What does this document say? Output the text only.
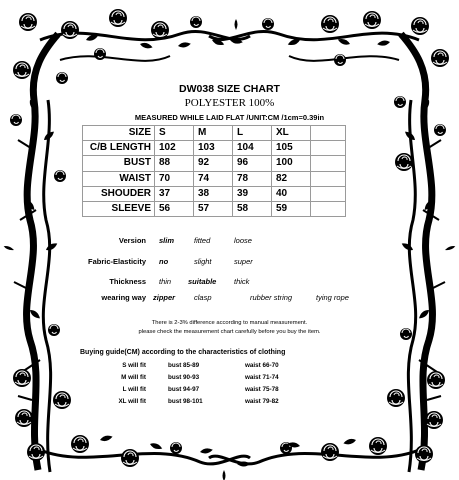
DW038 SIZE CHART
POLYESTER 100%
MEASURED WHILE LAID FLAT /UNIT:CM /1cm=0.39in
SIZE	S	M	L	XL	
C/B LENGTH	102	103	104	105	
BUST	88	92	96	100	
WAIST	70	74	78	82	
SHOUDER	37	38	39	40	
SLEEVE	56	57	58	59	
Version slim	fitted	loose
Fabric-Elasticity no	slight	super
Thickness thin suitable thick
wearing way zipper	clasp	rubber string	tying rope
There is 2-3% difference according to manual measurement.
please check the measurement chart carefully before you buy the item.
Buying guide(CM) according to the characteristics of clothing
S will fit	bust 85-89	waist 66-70
M will fit	bust 90-93	waist 71-74
L will fit	bust 94-97	waist 75-78
XL will fit	bust 98-101	waist 79-82
